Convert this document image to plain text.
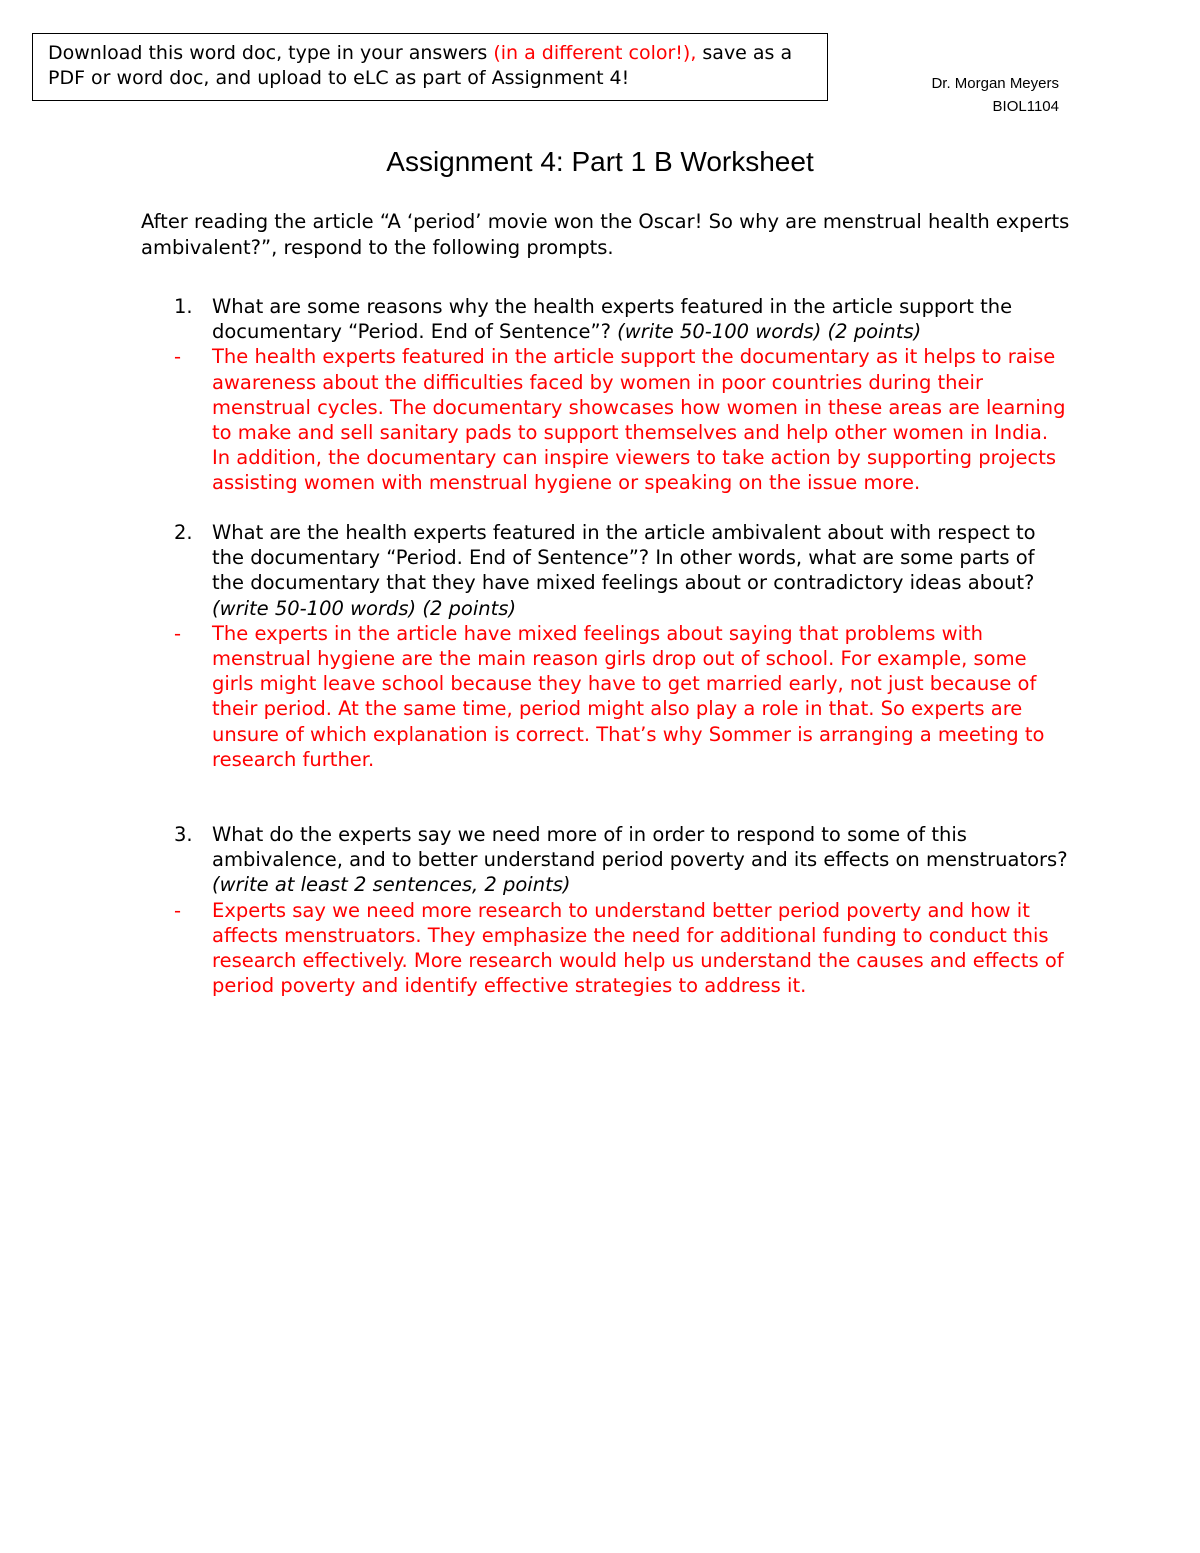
Download this word doc, type in your answers (in a different color!), save as a PDF or word doc, and upload to eLC as part of Assignment 4!	Dr. Morgan Meyers
BIOL1104
Assignment 4: Part 1 B Worksheet
After reading the article “A ‘period’ movie won the Oscar! So why are menstrual health experts ambivalent?”, respond to the following prompts.
1. What are some reasons why the health experts featured in the article support the documentary “Period. End of Sentence”? (write 50-100 words) (2 points)
- The health experts featured in the article support the documentary as it helps to raise awareness about the difficulties faced by women in poor countries during their menstrual cycles. The documentary showcases how women in these areas are learning to make and sell sanitary pads to support themselves and help other women in India. In addition, the documentary can inspire viewers to take action by supporting projects assisting women with menstrual hygiene or speaking on the issue more.
2. What are the health experts featured in the article ambivalent about with respect to the documentary “Period. End of Sentence”? In other words, what are some parts of the documentary that they have mixed feelings about or contradictory ideas about? (write 50-100 words) (2 points)
- The experts in the article have mixed feelings about saying that problems with menstrual hygiene are the main reason girls drop out of school. For example, some girls might leave school because they have to get married early, not just because of their period. At the same time, period might also play a role in that. So experts are unsure of which explanation is correct. That’s why Sommer is arranging a meeting to research further.
3. What do the experts say we need more of in order to respond to some of this ambivalence, and to better understand period poverty and its effects on menstruators? (write at least 2 sentences, 2 points)
- Experts say we need more research to understand better period poverty and how it affects menstruators. They emphasize the need for additional funding to conduct this research effectively. More research would help us understand the causes and effects of period poverty and identify effective strategies to address it.
